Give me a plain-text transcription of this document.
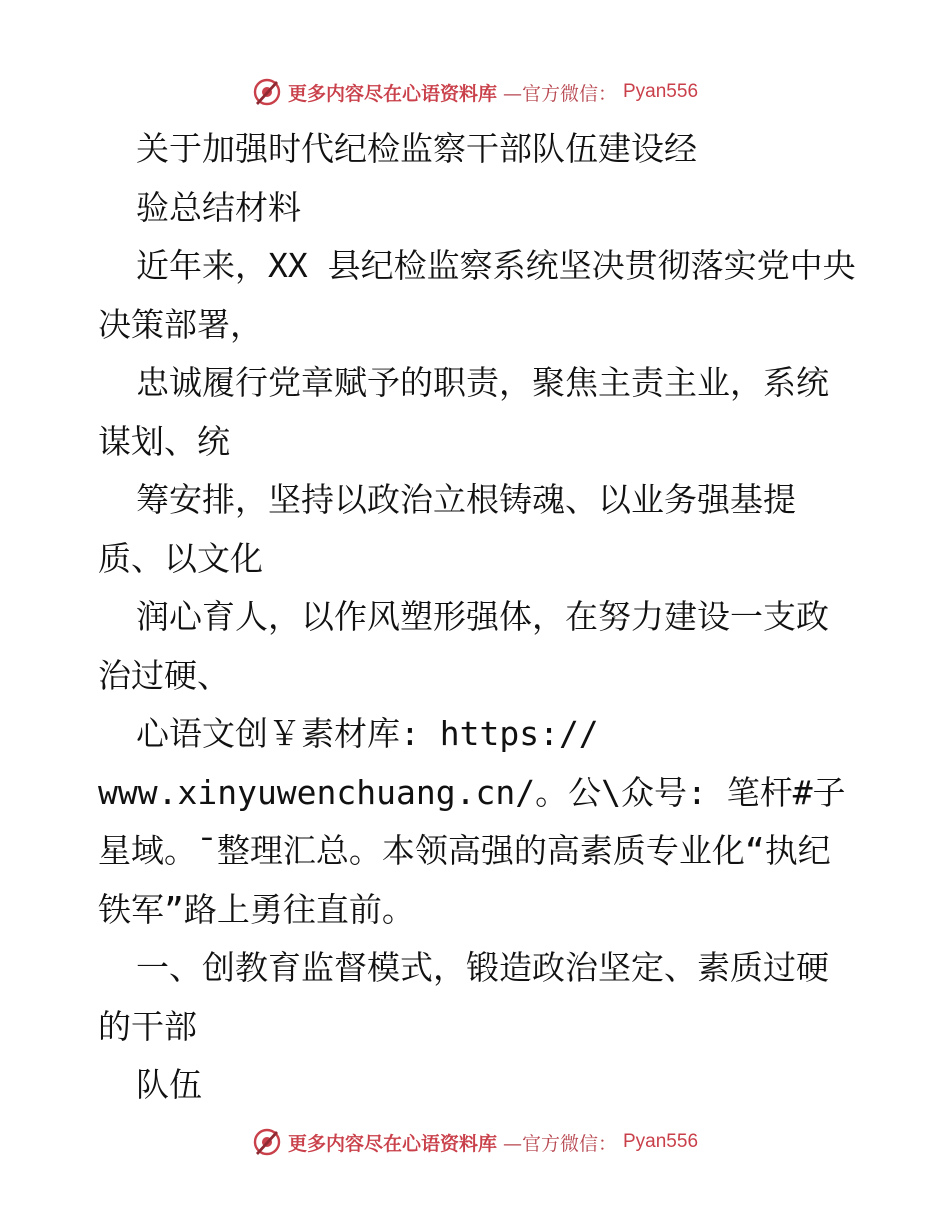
更多内容尽在心语资料库 —官方微信： Pyan556

关于加强时代纪检监察干部队伍建设经

验总结材料

近年来，XX 县纪检监察系统坚决贯彻落实党中央决策部署，

忠诚履行党章赋予的职责，聚焦主责主业，系统谋划、统

筹安排，坚持以政治立根铸魂、以业务强基提质、以文化

润心育人，以作风塑形强体，在努力建设一支政治过硬、

心语文创￥素材库: https://

www.xinyuwenchuang.cn/。公\众号: 笔杆#子星域。¯整理汇总。本领高强的高素质专业化“执纪铁军”路上勇往直前。

一、创教育监督模式，锻造政治坚定、素质过硬的干部

队伍

更多内容尽在心语资料库 —官方微信： Pyan556
